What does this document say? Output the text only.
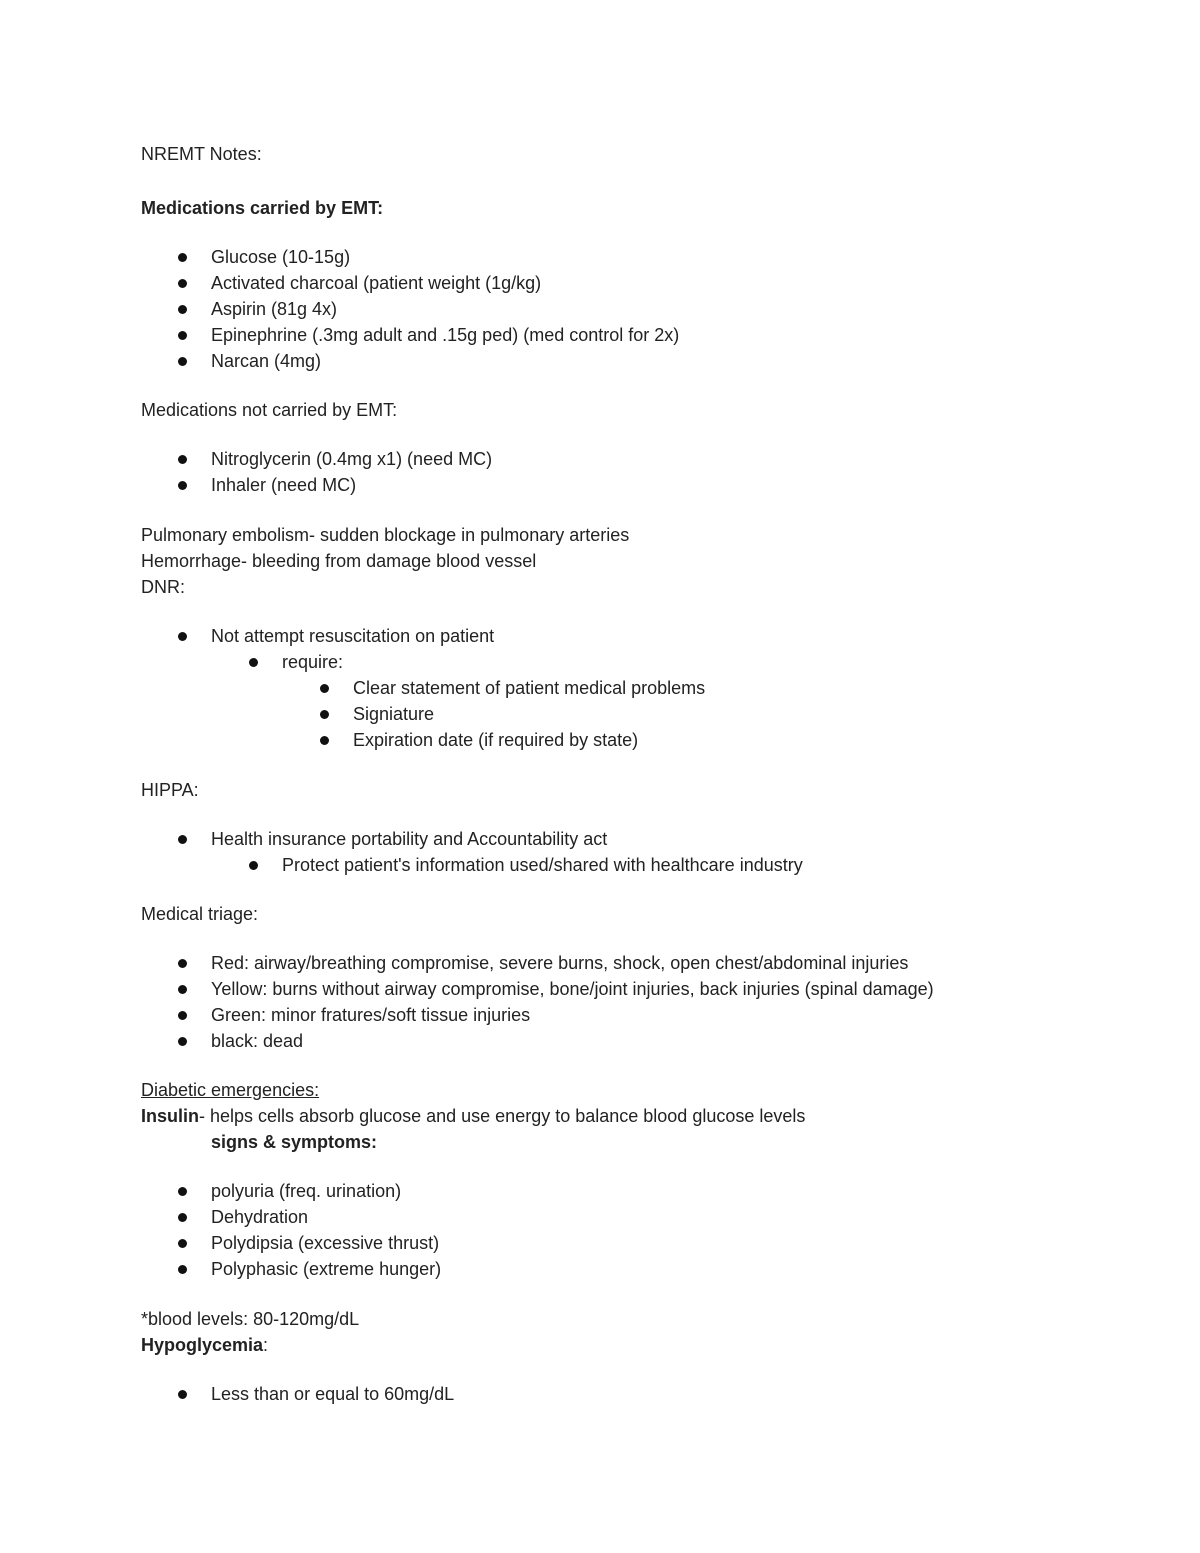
NREMT Notes:
Medications carried by EMT:
Glucose (10-15g)
Activated charcoal (patient weight (1g/kg)
Aspirin (81g 4x)
Epinephrine (.3mg adult and .15g ped) (med control for 2x)
Narcan (4mg)
Medications not carried by EMT:
Nitroglycerin (0.4mg x1) (need MC)
Inhaler (need MC)
Pulmonary embolism- sudden blockage in pulmonary arteries
Hemorrhage- bleeding from damage blood vessel
DNR:
Not attempt resuscitation on patient
require:
Clear statement of patient medical problems
Signiature
Expiration date (if required by state)
HIPPA:
Health insurance portability and Accountability act
Protect patient's information used/shared with healthcare industry
Medical triage:
Red: airway/breathing compromise, severe burns, shock, open chest/abdominal injuries
Yellow: burns without airway compromise, bone/joint injuries, back injuries (spinal damage)
Green: minor fratures/soft tissue injuries
black: dead
Diabetic emergencies:
Insulin- helps cells absorb glucose and use energy to balance blood glucose levels
signs & symptoms:
polyuria (freq. urination)
Dehydration
Polydipsia (excessive thrust)
Polyphasic (extreme hunger)
*blood levels: 80-120mg/dL
Hypoglycemia:
Less than or equal to 60mg/dL
